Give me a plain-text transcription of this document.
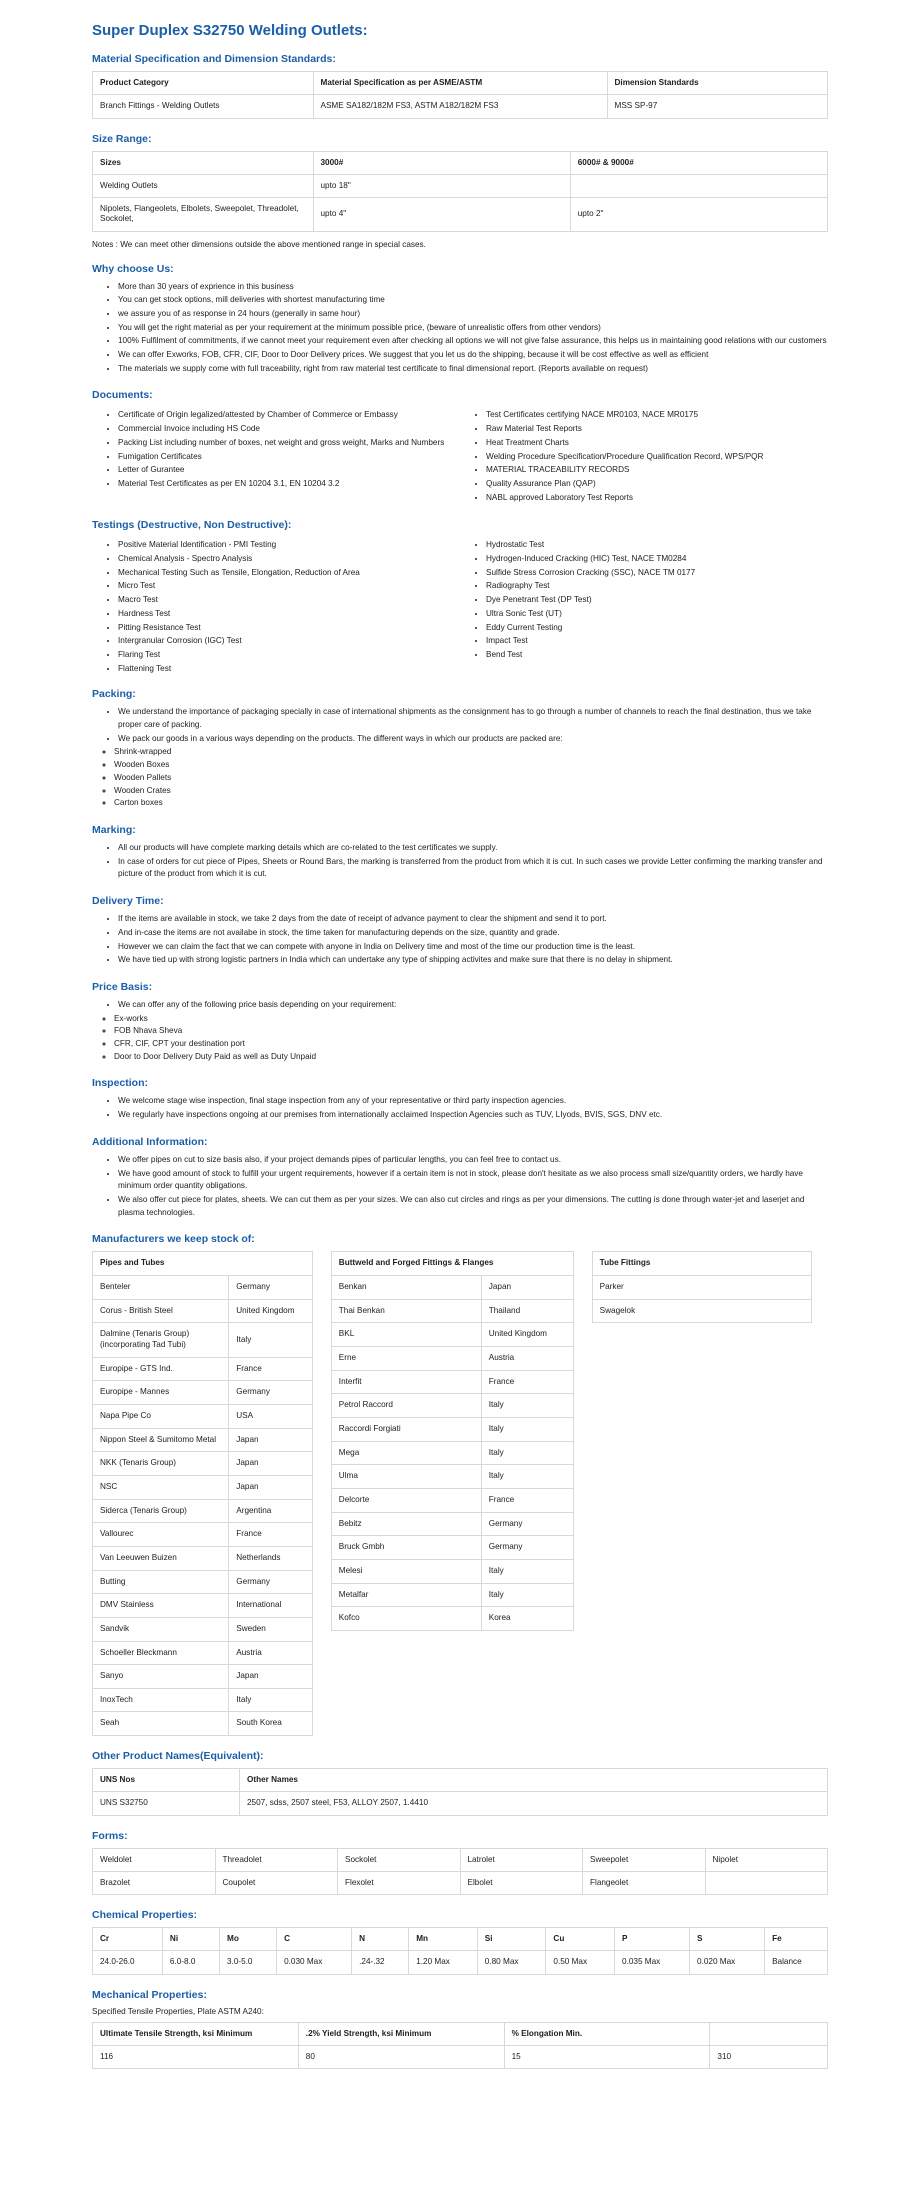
Super Duplex S32750 Welding Outlets:
Material Specification and Dimension Standards:
Product Category	Material Specification as per ASME/ASTM	Dimension Standards
Branch Fittings - Welding Outlets	ASME SA182/182M FS3, ASTM A182/182M FS3	MSS SP-97
Size Range:
Sizes	3000#	6000# & 9000#
Welding Outlets	upto 18"	
Nipolets, Flangeolets, Elbolets, Sweepolet, Threadolet, Sockolet,	upto 4"	upto 2"

Notes : We can meet other dimensions outside the above mentioned range in special cases.

Why choose Us:
• More than 30 years of exprience in this business
• You can get stock options, mill deliveries with shortest manufacturing time
• we assure you of as response in 24 hours (generally in same hour)
• You will get the right material as per your requirement at the minimum possible price, (beware of unrealistic offers from other vendors)
• 100% Fulfilment of commitments, if we cannot meet your requirement even after checking all options we will not give false assurance, this helps us in maintaining good relations with our customers
• We can offer Exworks, FOB, CFR, CIF, Door to Door Delivery prices. We suggest that you let us do the shipping, because it will be cost effective as well as efficient
• The materials we supply come with full traceability, right from raw material test certificate to final dimensional report. (Reports available on request)
Documents:
• Certificate of Origin legalized/attested by Chamber of Commerce or Embassy
• Commercial Invoice including HS Code
• Packing List including number of boxes, net weight and gross weight, Marks and Numbers
• Fumigation Certificates
• Letter of Gurantee
• Material Test Certificates as per EN 10204 3.1, EN 10204 3.2
• Test Certificates certifying NACE MR0103, NACE MR0175
• Raw Material Test Reports
• Heat Treatment Charts
• Welding Procedure Specification/Procedure Qualification Record, WPS/PQR
• MATERIAL TRACEABILITY RECORDS
• Quality Assurance Plan (QAP)
• NABL approved Laboratory Test Reports
Testings (Destructive, Non Destructive):
• Positive Material Identification - PMI Testing
• Chemical Analysis - Spectro Analysis
• Mechanical Testing Such as Tensile, Elongation, Reduction of Area
• Micro Test
• Macro Test
• Hardness Test
• Pitting Resistance Test
• Intergranular Corrosion (IGC) Test
• Flaring Test
• Flattening Test
• Hydrostatic Test
• Hydrogen-Induced Cracking (HIC) Test, NACE TM0284
• Sulfide Stress Corrosion Cracking (SSC), NACE TM 0177
• Radiography Test
• Dye Penetrant Test (DP Test)
• Ultra Sonic Test (UT)
• Eddy Current Testing
• Impact Test
• Bend Test
Packing:
• We understand the importance of packaging specially in case of international shipments as the consignment has to go through a number of channels to reach the final destination, thus we take proper care of packing.
• We pack our goods in a various ways depending on the products. The different ways in which our products are packed are:
◦ Shrink-wrapped
◦ Wooden Boxes
◦ Wooden Pallets
◦ Wooden Crates
◦ Carton boxes
Marking:
• All our products will have complete marking details which are co-related to the test certificates we supply.
• In case of orders for cut piece of Pipes, Sheets or Round Bars, the marking is transferred from the product from which it is cut. In such cases we provide Letter confirming the marking transfer and picture of the product from which it is cut.
Delivery Time:
• If the items are available in stock, we take 2 days from the date of receipt of advance payment to clear the shipment and send it to port.
• And in-case the items are not availabe in stock, the time taken for manufacturing depends on the size, quantity and grade.
• However we can claim the fact that we can compete with anyone in India on Delivery time and most of the time our production time is the least.
• We have tied up with strong logistic partners in India which can undertake any type of shipping activites and make sure that there is no delay in shipment.
Price Basis:
• We can offer any of the following price basis depending on your requirement:
◦ Ex-works
◦ FOB Nhava Sheva
◦ CFR, CIF, CPT your destination port
◦ Door to Door Delivery Duty Paid as well as Duty Unpaid
Inspection:
• We welcome stage wise inspection, final stage inspection from any of your representative or third party inspection agencies.
• We regularly have inspections ongoing at our premises from internationally acclaimed Inspection Agencies such as TUV, LIyods, BVIS, SGS, DNV etc.
Additional Information:
• We offer pipes on cut to size basis also, if your project demands pipes of particular lengths, you can feel free to contact us.
• We have good amount of stock to fulfill your urgent requirements, however if a certain item is not in stock, please don't hesitate as we also process small size/quantity orders, we hardly have minimum order quantity obligations.
• We also offer cut piece for plates, sheets. We can cut them as per your sizes. We can also cut circles and rings as per your dimensions. The cutting is done through water-jet and laserjet and plasma technologies.
Manufacturers we keep stock of:
Pipes and Tubes	
Benteler	Germany
Corus - British Steel	United Kingdom
Dalmine (Tenaris Group) (incorporating Tad Tubi)	Italy
Europipe - GTS Ind.	France
Europipe - Mannes	Germany
Napa Pipe Co	USA
Nippon Steel & Sumitomo Metal	Japan
NKK (Tenaris Group)	Japan
NSC	Japan
Siderca (Tenaris Group)	Argentina
Vallourec	France
Van Leeuwen Buizen	Netherlands
Butting	Germany
DMV Stainless	International
Sandvik	Sweden
Schoeller Bleckmann	Austria
Sanyo	Japan
InoxTech	Italy
Seah	South Korea
Buttweld and Forged Fittings & Flanges	
Benkan	Japan
Thai Benkan	Thailand
BKL	United Kingdom
Erne	Austria
Interfit	France
Petrol Raccord	Italy
Raccordi Forgiati	Italy
Mega	Italy
Ulma	Italy
Delcorte	France
Bebitz	Germany
Bruck Gmbh	Germany
Melesi	Italy
Metalfar	Italy
Kofco	Korea
Tube Fittings
Parker
Swagelok
Other Product Names(Equivalent):
UNS Nos	Other Names
UNS S32750	2507, sdss, 2507 steel, F53, ALLOY 2507, 1.4410
Forms:
Weldolet	Threadolet	Sockolet	Latrolet	Sweepolet	Nipolet
Brazolet	Coupolet	Flexolet	Elbolet	Flangeolet	
Chemical Properties:
Cr	Ni	Mo	C	N	Mn	Si	Cu	P	S	Fe
24.0-26.0	6.0-8.0	3.0-5.0	0.030 Max	.24-.32	1.20 Max	0.80 Max	0.50 Max	0.035 Max	0.020 Max	Balance
Mechanical Properties:

Specified Tensile Properties, Plate ASTM A240:

Ultimate Tensile Strength, ksi Minimum	.2% Yield Strength, ksi Minimum	% Elongation Min.	
116	80	15	310
